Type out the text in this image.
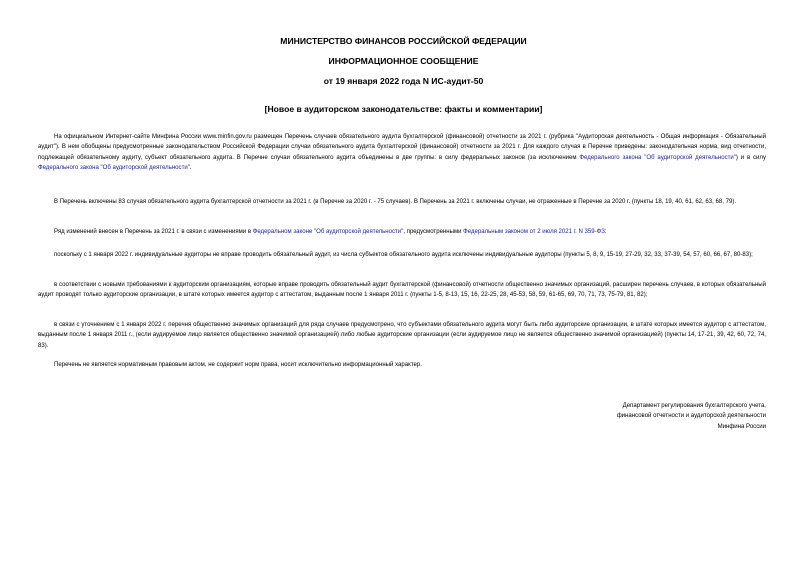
МИНИСТЕРСТВО ФИНАНСОВ РОССИЙСКОЙ ФЕДЕРАЦИИ
ИНФОРМАЦИОННОЕ СООБЩЕНИЕ
от 19 января 2022 года N ИС-аудит-50
[Новое в аудиторском законодательстве: факты и комментарии]
На официальном Интернет-сайте Минфина России www.minfin.gov.ru размещен Перечень случаев обязательного аудита бухгалтерской (финансовой) отчетности за 2021 г. (рубрика "Аудиторская деятельность - Общая информация - Обязательный аудит"). В нем обобщены предусмотренные законодательством Российской Федерации случаи обязательного аудита бухгалтерской (финансовой) отчетности за 2021 г. Для каждого случая в Перечне приведены: законодательная норма, вид отчетности, подлежащей обязательному аудиту, субъект обязательного аудита. В Перечне случаи обязательного аудита объединены в две группы: в силу федеральных законов (за исключением Федерального закона "Об аудиторской деятельности") и в силу Федерального закона "Об аудиторской деятельности".
В Перечень включены 83 случая обязательного аудита бухгалтерской отчетности за 2021 г. (в Перечне за 2020 г. - 75 случаев). В Перечень за 2021 г. включены случаи, не отраженные в Перечне за 2020 г. (пункты 18, 19, 40, 61, 62, 63, 68, 79).
Ряд изменений внесен в Перечень за 2021 г. в связи с изменениями в Федеральном законе "Об аудиторской деятельности", предусмотренными Федеральным законом от 2 июля 2021 г. N 359-ФЗ:
поскольку с 1 января 2022 г. индивидуальные аудиторы не вправе проводить обязательный аудит, из числа субъектов обязательного аудита исключены индивидуальные аудиторы (пункты 5, 8, 9, 15-19, 27-29, 32, 33, 37-39, 54, 57, 60, 66, 67, 80-83);
в соответствии с новыми требованиями к аудиторским организациям, которые вправе проводить обязательный аудит бухгалтерской (финансовой) отчетности общественно значимых организаций, расширен перечень случаев, в которых обязательный аудит проводят только аудиторские организации, в штате которых имеется аудитор с аттестатом, выданным после 1 января 2011 г. (пункты 1-5, 8-13, 15, 16, 22-25, 28, 45-53, 58, 59, 61-65, 69, 70, 71, 73, 75-79, 81, 82);
в связи с уточнением с 1 января 2022 г. перечня общественно значимых организаций для ряда случаев предусмотрено, что субъектами обязательного аудита могут быть либо аудиторские организации, в штате которых имеется аудитор с аттестатом, выданным после 1 января 2011 г., (если аудируемое лицо является общественно значимой организацией) либо любые аудиторские организации (если аудируемое лицо не является общественно значимой организацией) (пункты 14, 17-21, 39, 42, 60, 72, 74, 83).
Перечень не является нормативным правовым актом, не содержит норм права, носит исключительно информационный характер.
Департамент регулирования бухгалтерского учета,
финансовой отчетности и аудиторской деятельности
Минфина России
